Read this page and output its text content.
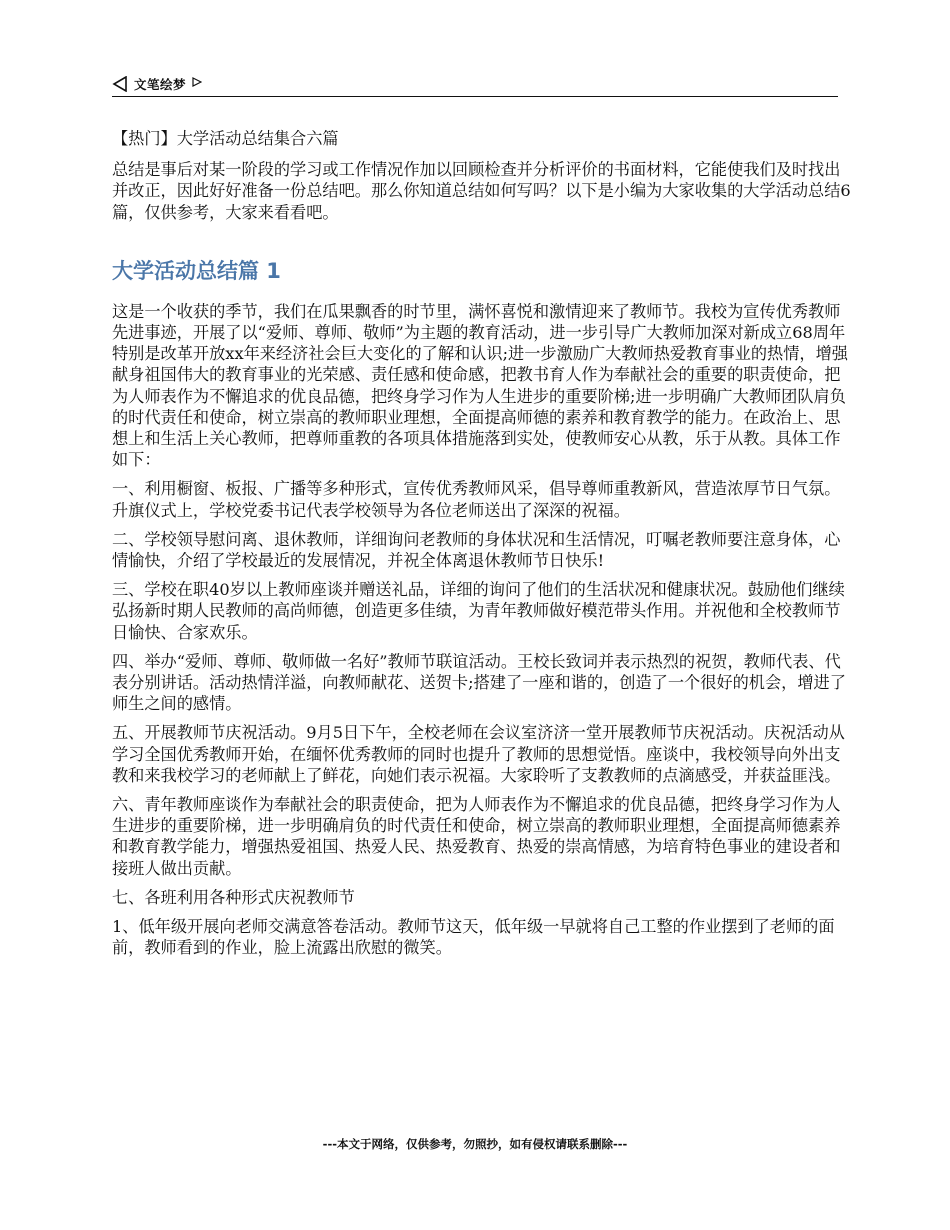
文笔绘梦

【热门】大学活动总结集合六篇

总结是事后对某一阶段的学习或工作情况作加以回顾检查并分析评价的书面材料，它能使我们及时找出并改正，因此好好准备一份总结吧。那么你知道总结如何写吗？以下是小编为大家收集的大学活动总结6篇，仅供参考，大家来看看吧。

大学活动总结篇 1

这是一个收获的季节，我们在瓜果飘香的时节里，满怀喜悦和激情迎来了教师节。我校为宣传优秀教师先进事迹，开展了以“爱师、尊师、敬师”为主题的教育活动，进一步引导广大教师加深对新成立68周年特别是改革开放xx年来经济社会巨大变化的了解和认识;进一步激励广大教师热爱教育事业的热情，增强献身祖国伟大的教育事业的光荣感、责任感和使命感，把教书育人作为奉献社会的重要的职责使命，把为人师表作为不懈追求的优良品德，把终身学习作为人生进步的重要阶梯;进一步明确广大教师团队肩负的时代责任和使命，树立崇高的教师职业理想，全面提高师德的素养和教育教学的能力。在政治上、思想上和生活上关心教师，把尊师重教的各项具体措施落到实处，使教师安心从教，乐于从教。具体工作如下：

一、利用橱窗、板报、广播等多种形式，宣传优秀教师风采，倡导尊师重教新风，营造浓厚节日气氛。升旗仪式上，学校党委书记代表学校领导为各位老师送出了深深的祝福。

二、学校领导慰问离、退休教师，详细询问老教师的身体状况和生活情况，叮嘱老教师要注意身体，心情愉快，介绍了学校最近的发展情况，并祝全体离退休教师节日快乐!

三、学校在职40岁以上教师座谈并赠送礼品，详细的询问了他们的生活状况和健康状况。鼓励他们继续弘扬新时期人民教师的高尚师德，创造更多佳绩，为青年教师做好模范带头作用。并祝他和全校教师节日愉快、合家欢乐。

四、举办“爱师、尊师、敬师做一名好”教师节联谊活动。王校长致词并表示热烈的祝贺，教师代表、代表分别讲话。活动热情洋溢，向教师献花、送贺卡;搭建了一座和谐的，创造了一个很好的机会，增进了师生之间的感情。

五、开展教师节庆祝活动。9月5日下午，全校老师在会议室济济一堂开展教师节庆祝活动。庆祝活动从学习全国优秀教师开始，在缅怀优秀教师的同时也提升了教师的思想觉悟。座谈中，我校领导向外出支教和来我校学习的老师献上了鲜花，向她们表示祝福。大家聆听了支教教师的点滴感受，并获益匪浅。

六、青年教师座谈作为奉献社会的职责使命，把为人师表作为不懈追求的优良品德，把终身学习作为人生进步的重要阶梯，进一步明确肩负的时代责任和使命，树立崇高的教师职业理想，全面提高师德素养和教育教学能力，增强热爱祖国、热爱人民、热爱教育、热爱的崇高情感，为培育特色事业的建设者和接班人做出贡献。

七、各班利用各种形式庆祝教师节

1、低年级开展向老师交满意答卷活动。教师节这天，低年级一早就将自己工整的作业摆到了老师的面前，教师看到的作业，脸上流露出欣慰的微笑。

---本文于网络，仅供参考，勿照抄，如有侵权请联系删除---
